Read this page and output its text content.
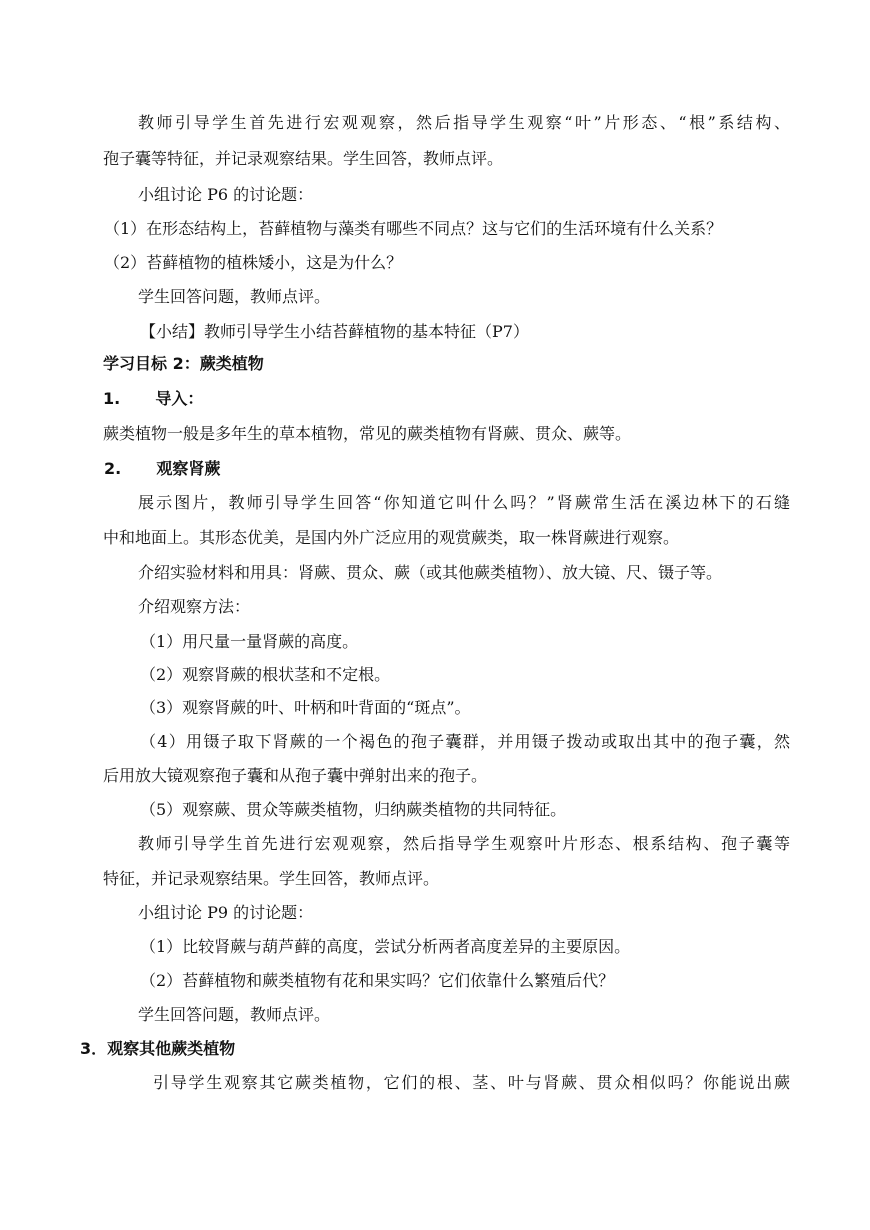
教师引导学生首先进行宏观观察，然后指导学生观察“叶”片形态、“根”系结构、
孢子囊等特征，并记录观察结果。学生回答，教师点评。
小组讨论 P6 的讨论题：
（1）在形态结构上，苔藓植物与藻类有哪些不同点？这与它们的生活环境有什么关系？
（2）苔藓植物的植株矮小，这是为什么？
学生回答问题，教师点评。
【小结】教师引导学生小结苔藓植物的基本特征（P7）
学习目标 2：蕨类植物
1. 导入：
蕨类植物一般是多年生的草本植物，常见的蕨类植物有肾蕨、贯众、蕨等。
2. 观察肾蕨
展示图片，教师引导学生回答“你知道它叫什么吗？”肾蕨常生活在溪边林下的石缝
中和地面上。其形态优美，是国内外广泛应用的观赏蕨类，取一株肾蕨进行观察。
介绍实验材料和用具：肾蕨、贯众、蕨（或其他蕨类植物）、放大镜、尺、镊子等。
介绍观察方法：
（1）用尺量一量肾蕨的高度。
（2）观察肾蕨的根状茎和不定根。
（3）观察肾蕨的叶、叶柄和叶背面的“斑点”。
（4）用镊子取下肾蕨的一个褐色的孢子囊群，并用镊子拨动或取出其中的孢子囊，然
后用放大镜观察孢子囊和从孢子囊中弹射出来的孢子。
（5）观察蕨、贯众等蕨类植物，归纳蕨类植物的共同特征。
教师引导学生首先进行宏观观察，然后指导学生观察叶片形态、根系结构、孢子囊等
特征，并记录观察结果。学生回答，教师点评。
小组讨论 P9 的讨论题：
（1）比较肾蕨与葫芦藓的高度，尝试分析两者高度差异的主要原因。
（2）苔藓植物和蕨类植物有花和果实吗？它们依靠什么繁殖后代？
学生回答问题，教师点评。
3．观察其他蕨类植物
引导学生观察其它蕨类植物，它们的根、茎、叶与肾蕨、贯众相似吗？你能说出蕨
